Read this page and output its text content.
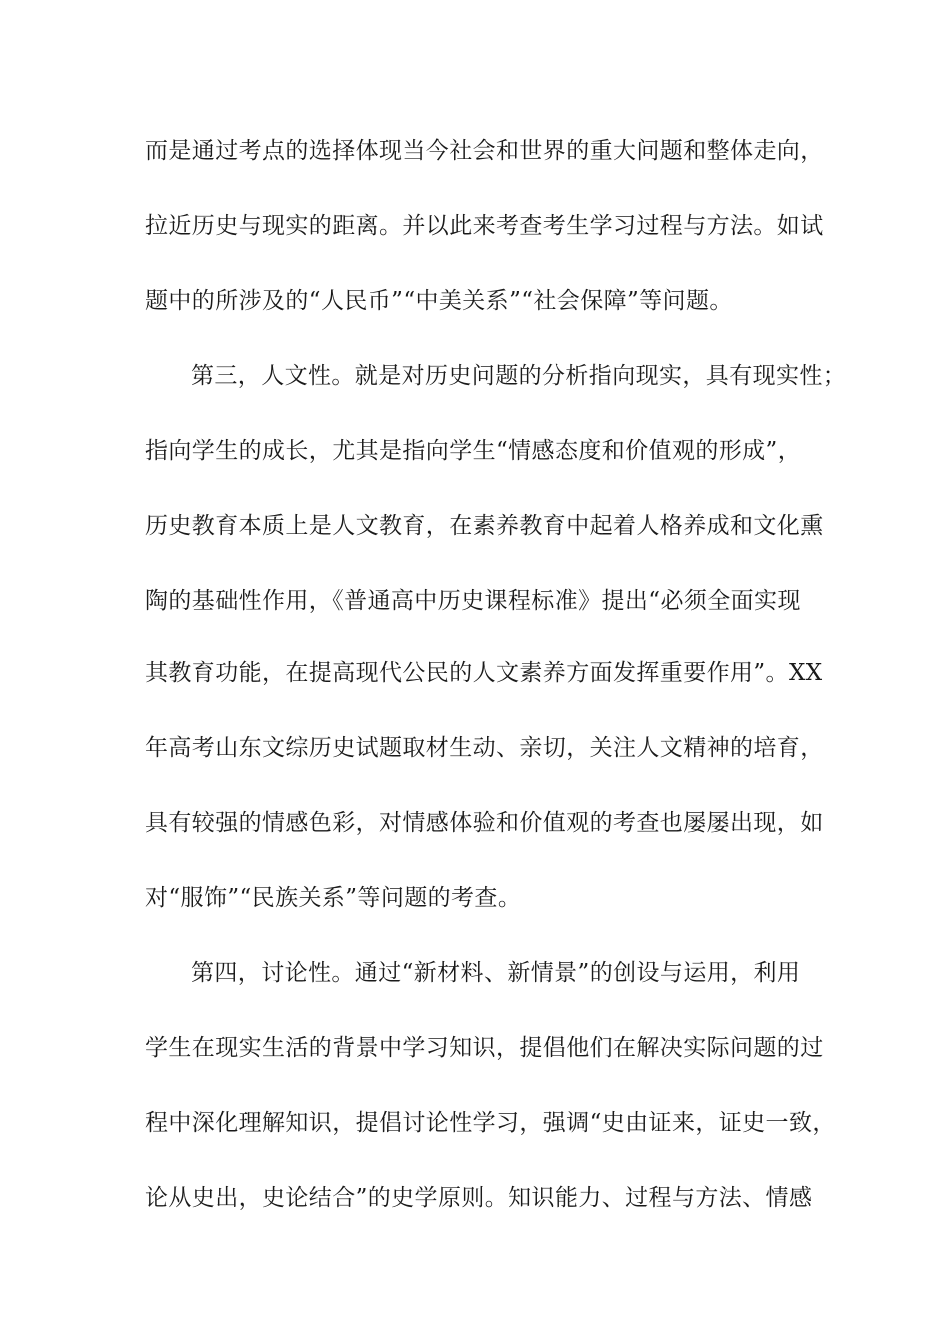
而是通过考点的选择体现当今社会和世界的重大问题和整体走向，
拉近历史与现实的距离。并以此来考查考生学习过程与方法。如试
题中的所涉及的“人民币”“中美关系”“社会保障”等问题。
第三，人文性。就是对历史问题的分析指向现实，具有现实性；
指向学生的成长，尤其是指向学生“情感态度和价值观的形成”，
历史教育本质上是人文教育，在素养教育中起着人格养成和文化熏
陶的基础性作用，《普通高中历史课程标准》提出“必须全面实现
其教育功能，在提高现代公民的人文素养方面发挥重要作用”。XX
年高考山东文综历史试题取材生动、亲切，关注人文精神的培育，
具有较强的情感色彩，对情感体验和价值观的考查也屡屡出现，如
对“服饰”“民族关系”等问题的考查。
第四，讨论性。通过“新材料、新情景”的创设与运用，利用
学生在现实生活的背景中学习知识，提倡他们在解决实际问题的过
程中深化理解知识，提倡讨论性学习，强调“史由证来，证史一致，
论从史出，史论结合”的史学原则。知识能力、过程与方法、情感
